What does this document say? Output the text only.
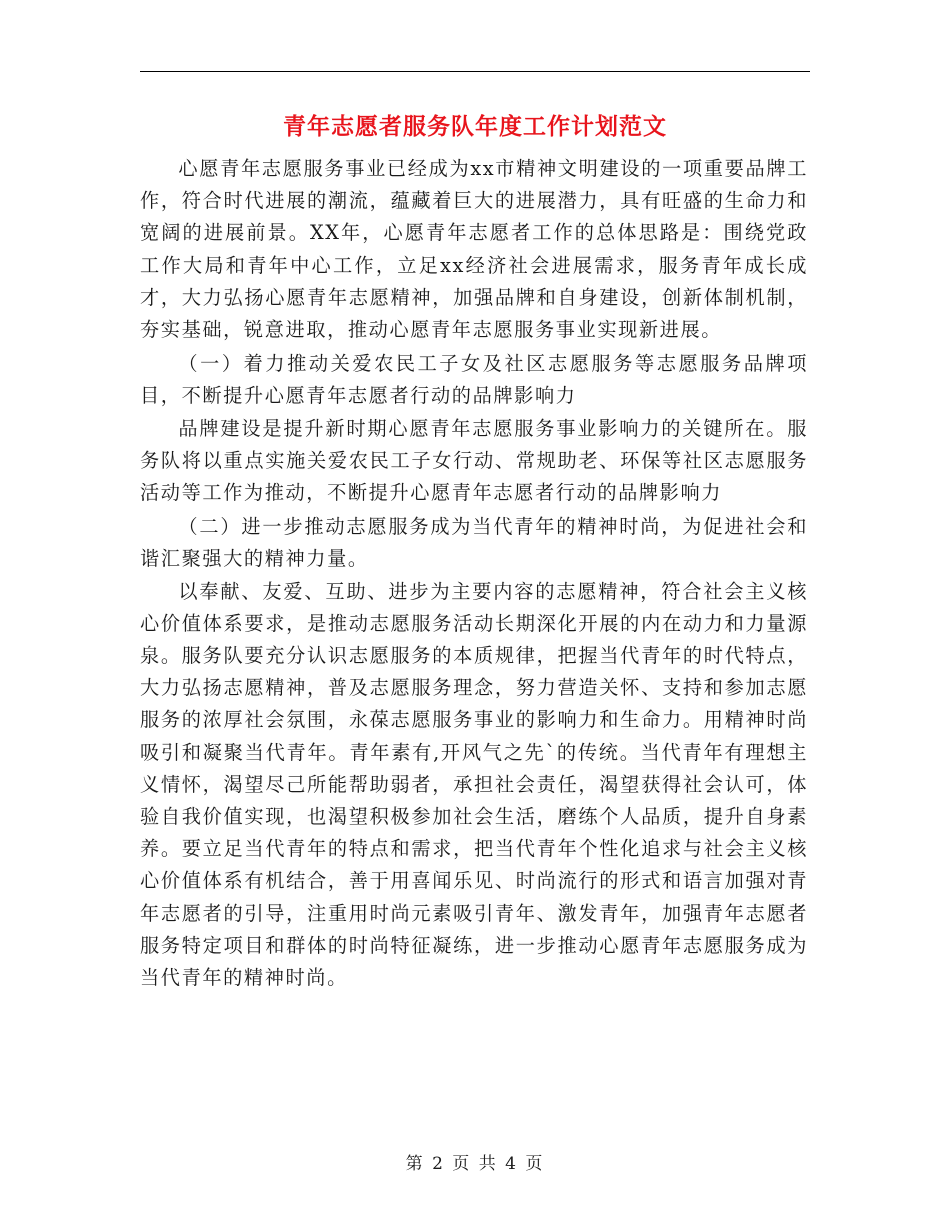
青年志愿者服务队年度工作计划范文

心愿青年志愿服务事业已经成为xx市精神文明建设的一项重要品牌工作，符合时代进展的潮流，蕴藏着巨大的进展潜力，具有旺盛的生命力和宽阔的进展前景。XX年，心愿青年志愿者工作的总体思路是：围绕党政工作大局和青年中心工作，立足xx经济社会进展需求，服务青年成长成才，大力弘扬心愿青年志愿精神，加强品牌和自身建设，创新体制机制，夯实基础，锐意进取，推动心愿青年志愿服务事业实现新进展。

（一）着力推动关爱农民工子女及社区志愿服务等志愿服务品牌项目，不断提升心愿青年志愿者行动的品牌影响力

品牌建设是提升新时期心愿青年志愿服务事业影响力的关键所在。服务队将以重点实施关爱农民工子女行动、常规助老、环保等社区志愿服务活动等工作为推动，不断提升心愿青年志愿者行动的品牌影响力

（二）进一步推动志愿服务成为当代青年的精神时尚，为促进社会和谐汇聚强大的精神力量。

以奉献、友爱、互助、进步为主要内容的志愿精神，符合社会主义核心价值体系要求，是推动志愿服务活动长期深化开展的内在动力和力量源泉。服务队要充分认识志愿服务的本质规律，把握当代青年的时代特点，大力弘扬志愿精神，普及志愿服务理念，努力营造关怀、支持和参加志愿服务的浓厚社会氛围，永葆志愿服务事业的影响力和生命力。用精神时尚吸引和凝聚当代青年。青年素有,开风气之先`的传统。当代青年有理想主义情怀，渴望尽己所能帮助弱者，承担社会责任，渴望获得社会认可，体验自我价值实现，也渴望积极参加社会生活，磨练个人品质，提升自身素养。要立足当代青年的特点和需求，把当代青年个性化追求与社会主义核心价值体系有机结合，善于用喜闻乐见、时尚流行的形式和语言加强对青年志愿者的引导，注重用时尚元素吸引青年、激发青年，加强青年志愿者服务特定项目和群体的时尚特征凝练，进一步推动心愿青年志愿服务成为当代青年的精神时尚。

第 2 页 共 4 页
